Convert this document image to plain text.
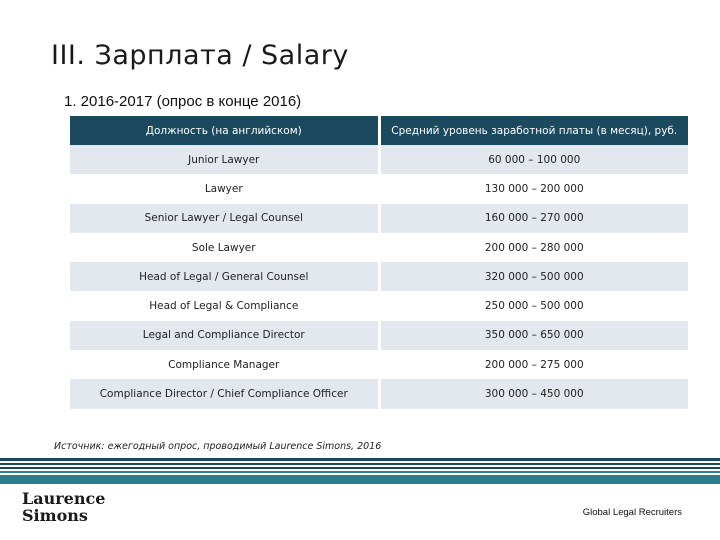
III. Зарплата / Salary
1. 2016-2017 (опрос в конце 2016)
Должность (на английском)	Средний уровень заработной платы (в месяц), руб.
Junior Lawyer	60 000 – 100 000
Lawyer	130 000 – 200 000
Senior Lawyer / Legal Counsel	160 000 – 270 000
Sole Lawyer	200 000 – 280 000
Head of Legal / General Counsel	320 000 – 500 000
Head of Legal & Compliance	250 000 – 500 000
Legal and Compliance Director	350 000 – 650 000
Compliance Manager	200 000 – 275 000
Compliance Director / Chief Compliance Officer	300 000 – 450 000
Источник: ежегодный опрос, проводимый Laurence Simons, 2016
Laurence
Simons	Global Legal Recruiters
